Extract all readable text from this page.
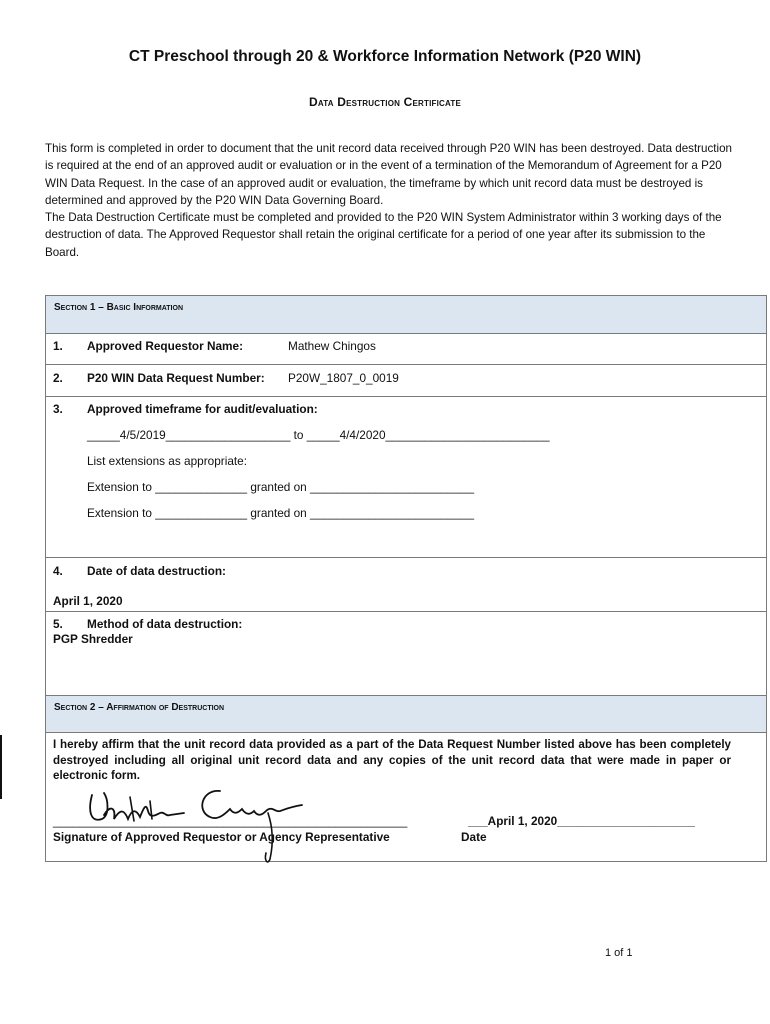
CT Preschool through 20 & Workforce Information Network (P20 WIN)
Data Destruction Certificate

This form is completed in order to document that the unit record data received through P20 WIN has been destroyed. Data destruction is required at the end of an approved audit or evaluation or in the event of a termination of the Memorandum of Agreement for a P20 WIN Data Request. In the case of an approved audit or evaluation, the timeframe by which unit record data must be destroyed is determined and approved by the P20 WIN Data Governing Board.

The Data Destruction Certificate must be completed and provided to the P20 WIN System Administrator within 3 working days of the destruction of data. The Approved Requestor shall retain the original certificate for a period of one year after its submission to the Board.

Section 1 – Basic Information
1. Approved Requestor Name:	Mathew Chingos
2. P20 WIN Data Request Number: P20W_1807_0_0019
3. Approved timeframe for audit/evaluation:
_____4/5/2019___________________ to _____4/4/2020_________________________
List extensions as appropriate:
Extension to ______________ granted on _________________________
Extension to ______________ granted on _________________________
4. Date of data destruction:
April 1, 2020
5. Method of data destruction:
PGP Shredder
Section 2 – Affirmation of Destruction
I hereby affirm that the unit record data provided as a part of the Data Request Number listed above has been completely destroyed including all original unit record data and any copies of the unit record data that were made in paper or electronic form.
______________________________________________________
Signature of Approved Requestor or Agency Representative
___April 1, 2020_____________________
Date
1 of 1
